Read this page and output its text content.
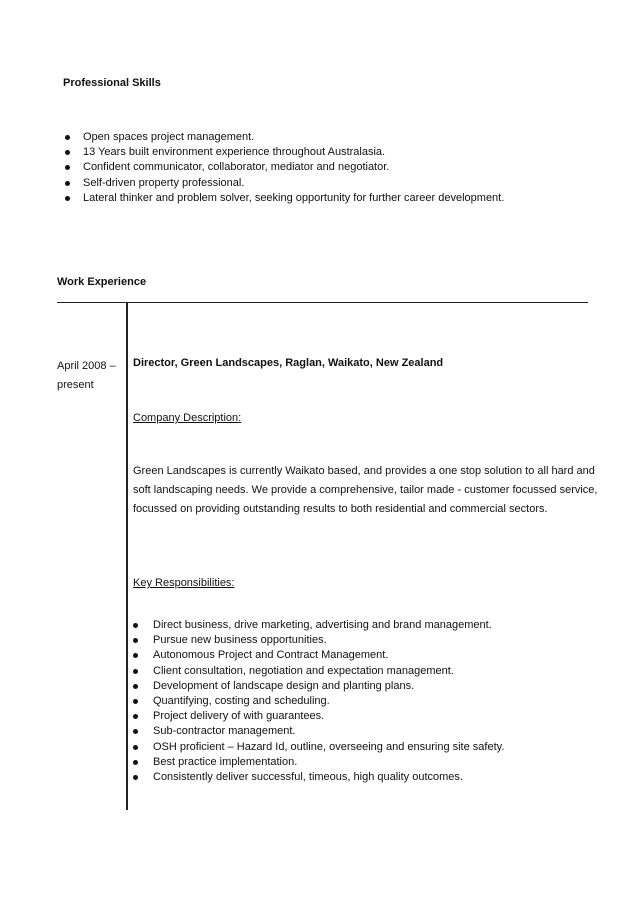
Professional Skills
Open spaces project management.
13 Years built environment experience throughout Australasia.
Confident communicator, collaborator, mediator and negotiator.
Self-driven property professional.
Lateral thinker and problem solver, seeking opportunity for further career development.
Work Experience
April 2008 –
present
Director, Green Landscapes, Raglan, Waikato, New Zealand
Company Description:
Green Landscapes is currently Waikato based, and provides a one stop solution to all hard and
soft landscaping needs. We provide a comprehensive, tailor made - customer focussed service,
focussed on providing outstanding results to both residential and commercial sectors.
Key Responsibilities:
Direct business, drive marketing, advertising and brand management.
Pursue new business opportunities.
Autonomous Project and Contract Management.
Client consultation, negotiation and expectation management.
Development of landscape design and planting plans.
Quantifying, costing and scheduling.
Project delivery of with guarantees.
Sub-contractor management.
OSH proficient – Hazard Id, outline, overseeing and ensuring site safety.
Best practice implementation.
Consistently deliver successful, timeous, high quality outcomes.
